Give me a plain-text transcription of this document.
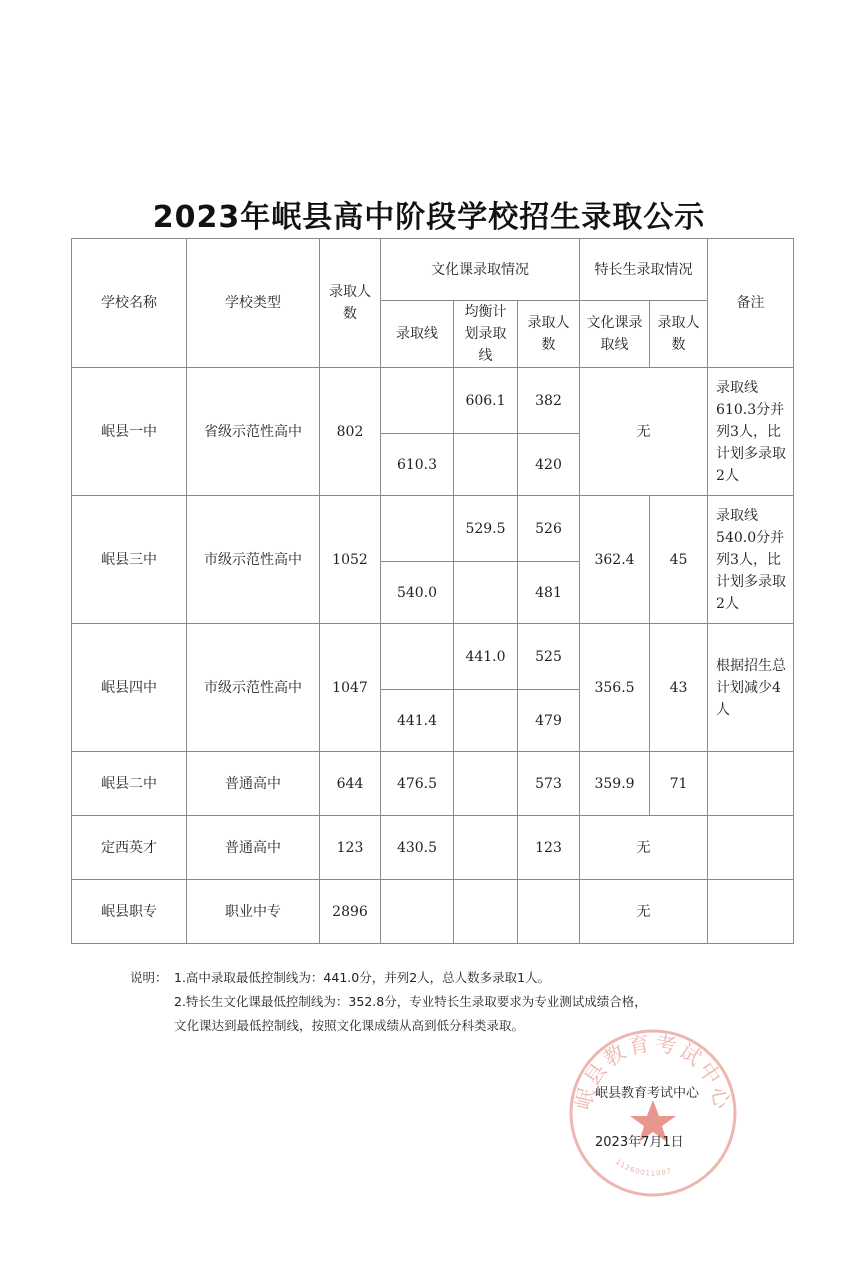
2023年岷县高中阶段学校招生录取公示
学校名称	学校类型	录取人数	文化课录取情况			特长生录取情况		备注
			录取线	均衡计划录取线	录取人数	文化课录取线	录取人数	
岷县一中	省级示范性高中	802		606.1	382	无		录取线610.3分并列3人，比计划多录取2人
			610.3		420			
岷县三中	市级示范性高中	1052		529.5	526	362.4	45	录取线540.0分并列3人，比计划多录取2人
			540.0		481			
岷县四中	市级示范性高中	1047		441.0	525	356.5	43	根据招生总计划减少4人
			441.4		479			
岷县二中	普通高中	644	476.5		573	359.9	71	
定西英才	普通高中	123	430.5		123	无		
岷县职专	职业中专	2896				无		
说明： 1.高中录取最低控制线为：441.0分，并列2人，总人数多录取1人。
2.特长生文化课最低控制线为：352.8分，专业特长生录取要求为专业测试成绩合格，
文化课达到最低控制线，按照文化课成绩从高到低分科类录取。
岷县教育考试中心
11260011087
岷县教育考试中心
2023年7月1日
